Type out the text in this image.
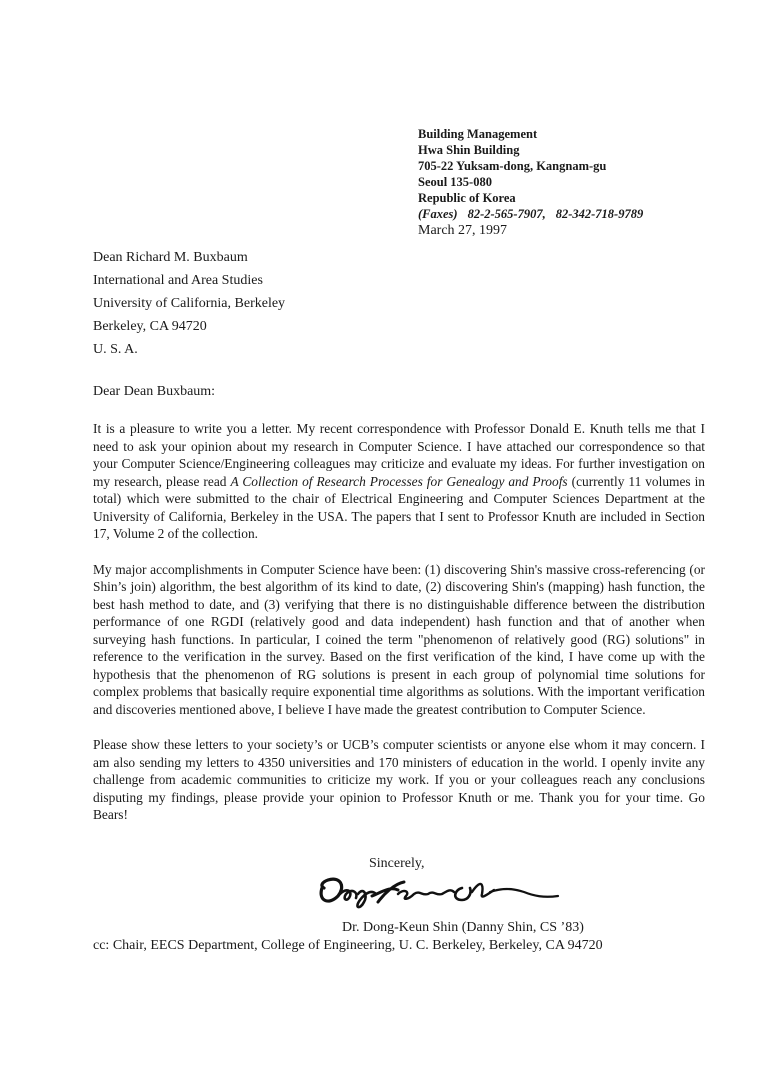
Building Management
Hwa Shin Building
705-22 Yuksam-dong, Kangnam-gu
Seoul 135-080
Republic of Korea
(Faxes) 82-2-565-7907, 82-342-718-9789
March 27, 1997
Dean Richard M. Buxbaum
International and Area Studies
University of California, Berkeley
Berkeley, CA 94720
U. S. A.
Dear Dean Buxbaum:

It is a pleasure to write you a letter. My recent correspondence with Professor Donald E. Knuth tells me that I need to ask your opinion about my research in Computer Science. I have attached our correspondence so that your Computer Science/Engineering colleagues may criticize and evaluate my ideas. For further investigation on my research, please read A Collection of Research Processes for Genealogy and Proofs (currently 11 volumes in total) which were submitted to the chair of Electrical Engineering and Computer Sciences Department at the University of California, Berkeley in the USA. The papers that I sent to Professor Knuth are included in Section 17, Volume 2 of the collection.

My major accomplishments in Computer Science have been: (1) discovering Shin's massive cross-referencing (or Shin’s join) algorithm, the best algorithm of its kind to date, (2) discovering Shin's (mapping) hash function, the best hash method to date, and (3) verifying that there is no distinguishable difference between the distribution performance of one RGDI (relatively good and data independent) hash function and that of another when surveying hash functions. In particular, I coined the term "phenomenon of relatively good (RG) solutions" in reference to the verification in the survey. Based on the first verification of the kind, I have come up with the hypothesis that the phenomenon of RG solutions is present in each group of polynomial time solutions for complex problems that basically require exponential time algorithms as solutions. With the important verification and discoveries mentioned above, I believe I have made the greatest contribution to Computer Science.

Please show these letters to your society’s or UCB’s computer scientists or anyone else whom it may concern. I am also sending my letters to 4350 universities and 170 ministers of education in the world. I openly invite any challenge from academic communities to criticize my work. If you or your colleagues reach any conclusions disputing my findings, please provide your opinion to Professor Knuth or me. Thank you for your time. Go Bears!

Sincerely,
Dr. Dong-Keun Shin (Danny Shin, CS ’83)
cc: Chair, EECS Department, College of Engineering, U. C. Berkeley, Berkeley, CA 94720
